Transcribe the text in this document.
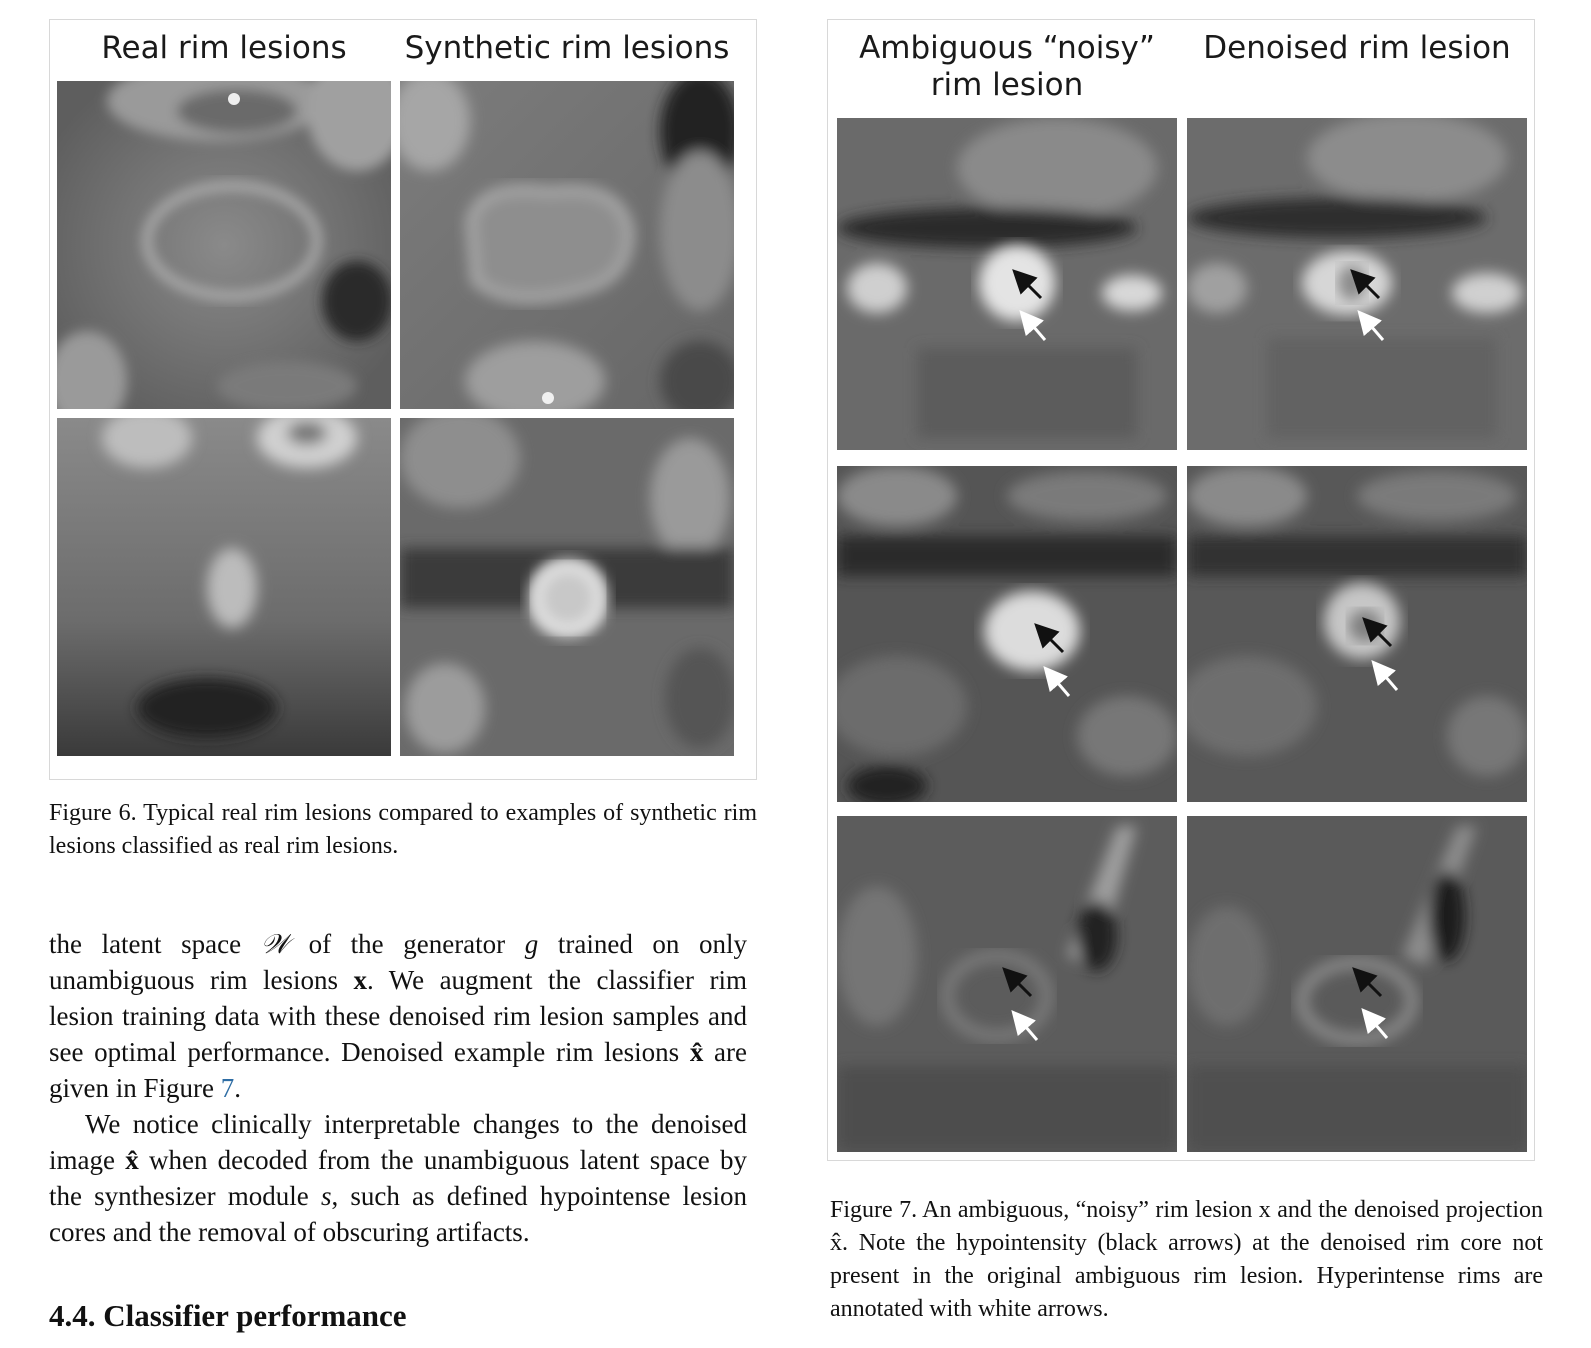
Real rim lesions	Synthetic rim lesions
Figure 6. Typical real rim lesions compared to examples of synthetic rim lesions classified as real rim lesions.

the latent space 𝒲 of the generator g trained on only unambiguous rim lesions x. We augment the classifier rim lesion training data with these denoised rim lesion samples and see optimal performance. Denoised example rim lesions x̂ are given in Figure 7.

We notice clinically interpretable changes to the denoised image x̂ when decoded from the unambiguous latent space by the synthesizer module s, such as defined hypointense lesion cores and the removal of obscuring artifacts.

4.4. Classifier performance
Ambiguous “noisy” rim lesion
Denoised rim lesion
Figure 7. An ambiguous, “noisy” rim lesion x and the denoised projection x̂. Note the hypointensity (black arrows) at the denoised rim core not present in the original ambiguous rim lesion. Hyperintense rims are annotated with white arrows.
